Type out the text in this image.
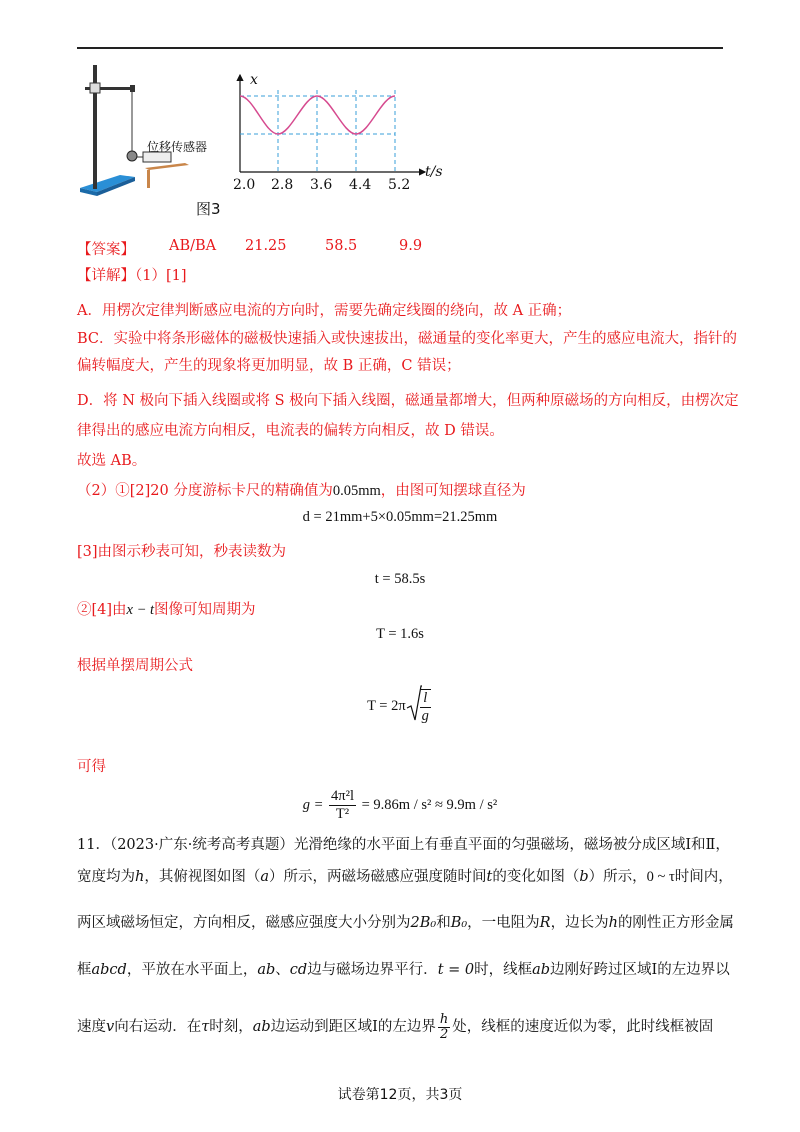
位移传感器
x
t/s
2.0 2.8 3.6 4.4 5.2
图3
【答案】 AB/BA 21.25	58.5	9.9
【详解】（1）[1]
A．用楞次定律判断感应电流的方向时，需要先确定线圈的绕向，故 A 正确；
BC．实验中将条形磁体的磁极快速插入或快速拔出，磁通量的变化率更大，产生的感应电流大，指针的
偏转幅度大，产生的现象将更加明显，故 B 正确，C 错误；
D．将 N 极向下插入线圈或将 S 极向下插入线圈，磁通量都增大，但两种原磁场的方向相反，由楞次定
律得出的感应电流方向相反，电流表的偏转方向相反，故 D 错误。
故选 AB。
（2）①[2]20 分度游标卡尺的精确值为0.05mm，由图可知摆球直径为
d = 21mm+5×0.05mm=21.25mm
[3]由图示秒表可知，秒表读数为
t = 58.5s
②[4]由x − t图像可知周期为
T = 1.6s
根据单摆周期公式
$T = 2\pi \frac{l}{g}$
可得
$g = \frac{\text{4π²l}}{\text{T²}} = 9.86m / s^2 \approx 9.9m / s^2$
11．（2023·广东·统考高考真题）光滑绝缘的水平面上有垂直平面的匀强磁场，磁场被分成区域Ⅰ和Ⅱ，
宽度均为h，其俯视图如图（a）所示，两磁场磁感应强度随时间t的变化如图（b）所示，0 ~ τ时间内，
两区域磁场恒定，方向相反，磁感应强度大小分别为2B₀和B₀，一电阻为R，边长为h的刚性正方形金属
框abcd，平放在水平面上，ab、cd边与磁场边界平行．t = 0时，线框ab边刚好跨过区域Ⅰ的左边界以
速度v向右运动．在τ时刻，ab边运动到距区域Ⅰ的左边界 $\frac{h}{2}$ 处，线框的速度近似为零，此时线框被固
试卷第12页，共3页
